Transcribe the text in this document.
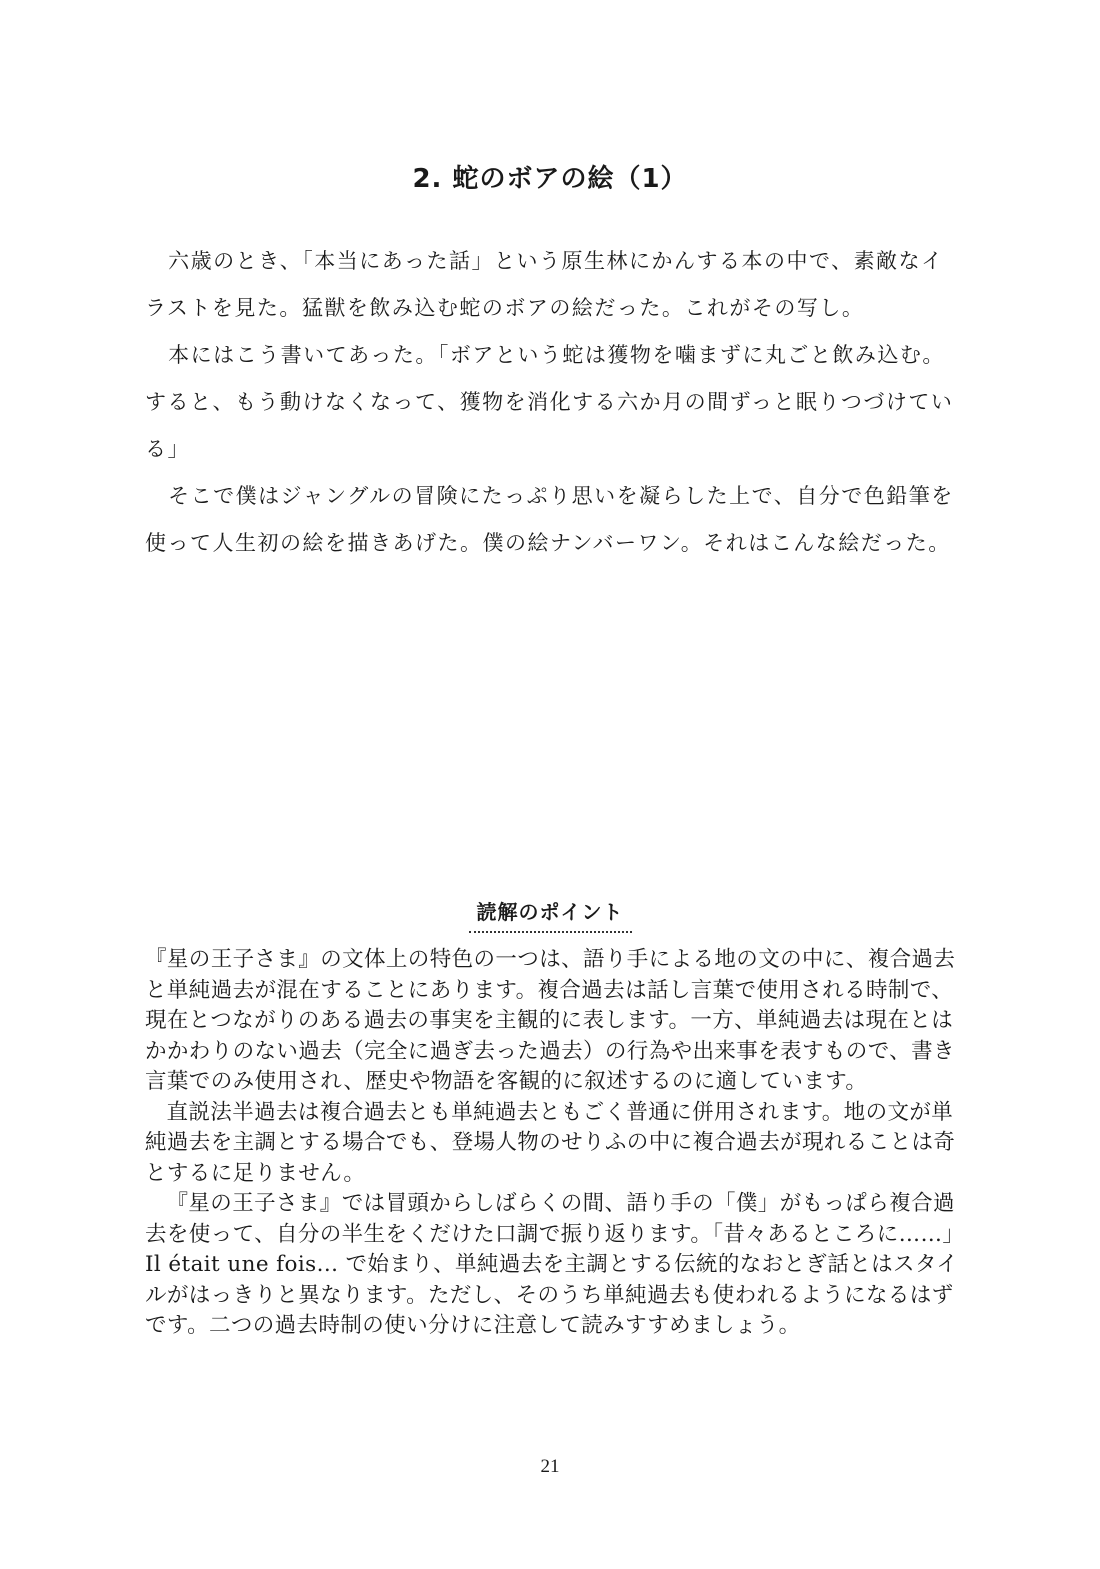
2. 蛇のボアの絵（1）

六歳のとき、「本当にあった話」という原生林にかんする本の中で、素敵なイラストを見た。猛獣を飲み込む蛇のボアの絵だった。これがその写し。

本にはこう書いてあった。「ボアという蛇は獲物を噛まずに丸ごと飲み込む。すると、もう動けなくなって、獲物を消化する六か月の間ずっと眠りつづけている」

そこで僕はジャングルの冒険にたっぷり思いを凝らした上で、自分で色鉛筆を使って人生初の絵を描きあげた。僕の絵ナンバーワン。それはこんな絵だった。

読解のポイント

『星の王子さま』の文体上の特色の一つは、語り手による地の文の中に、複合過去と単純過去が混在することにあります。複合過去は話し言葉で使用される時制で、現在とつながりのある過去の事実を主観的に表します。一方、単純過去は現在とはかかわりのない過去（完全に過ぎ去った過去）の行為や出来事を表すもので、書き言葉でのみ使用され、歴史や物語を客観的に叙述するのに適しています。

直説法半過去は複合過去とも単純過去ともごく普通に併用されます。地の文が単純過去を主調とする場合でも、登場人物のせりふの中に複合過去が現れることは奇とするに足りません。

『星の王子さま』では冒頭からしばらくの間、語り手の「僕」がもっぱら複合過去を使って、自分の半生をくだけた口調で振り返ります。「昔々あるところに……」Il était une fois... で始まり、単純過去を主調とする伝統的なおとぎ話とはスタイルがはっきりと異なります。ただし、そのうち単純過去も使われるようになるはずです。二つの過去時制の使い分けに注意して読みすすめましょう。

21
